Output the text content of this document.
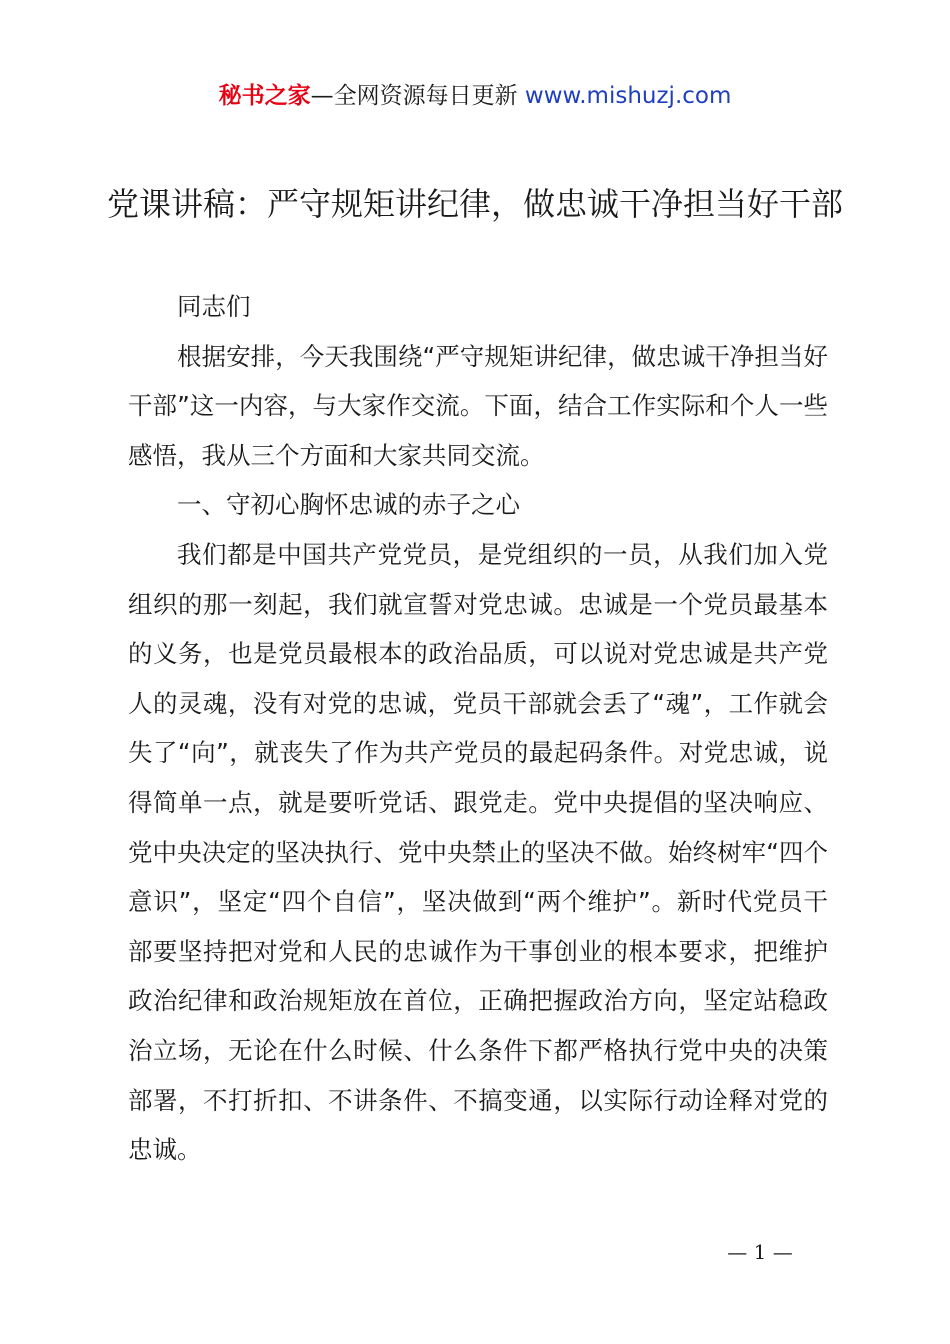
秘书之家—全网资源每日更新 www.mishuzj.com
党课讲稿：严守规矩讲纪律，做忠诚干净担当好干部

同志们

根据安排，今天我围绕“严守规矩讲纪律，做忠诚干净担当好干部”这一内容，与大家作交流。下面，结合工作实际和个人一些感悟，我从三个方面和大家共同交流。

一、守初心胸怀忠诚的赤子之心

我们都是中国共产党党员，是党组织的一员，从我们加入党组织的那一刻起，我们就宣誓对党忠诚。忠诚是一个党员最基本的义务，也是党员最根本的政治品质，可以说对党忠诚是共产党人的灵魂，没有对党的忠诚，党员干部就会丢了“魂”，工作就会失了“向”，就丧失了作为共产党员的最起码条件。对党忠诚，说得简单一点，就是要听党话、跟党走。党中央提倡的坚决响应、党中央决定的坚决执行、党中央禁止的坚决不做。始终树牢“四个意识”，坚定“四个自信”，坚决做到“两个维护”。新时代党员干部要坚持把对党和人民的忠诚作为干事创业的根本要求，把维护政治纪律和政治规矩放在首位，正确把握政治方向，坚定站稳政治立场，无论在什么时候、什么条件下都严格执行党中央的决策部署，不打折扣、不讲条件、不搞变通，以实际行动诠释对党的忠诚。

— 1 —
